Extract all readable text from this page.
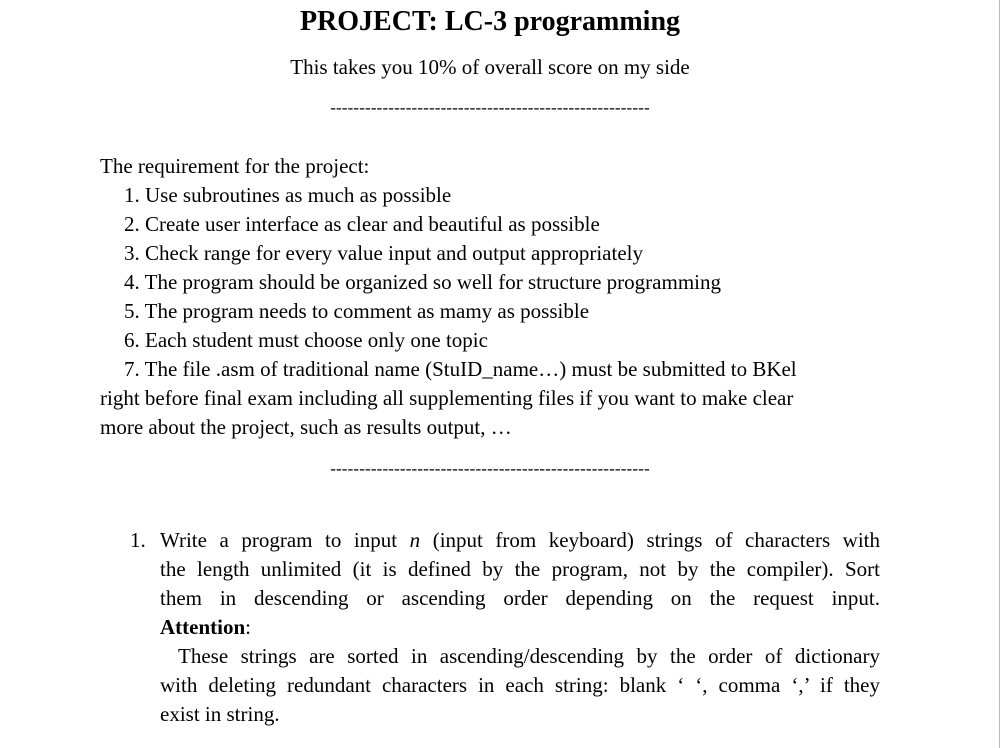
PROJECT: LC-3 programming
This takes you 10% of overall score on my side
-------------------------------------------------------
The requirement for the project:
1. Use subroutines as much as possible
2. Create user interface as clear and beautiful as possible
3. Check range for every value input and output appropriately
4. The program should be organized so well for structure programming
5. The program needs to comment as mamy as possible
6. Each student must choose only one topic
7. The file .asm of traditional name (StuID_name…) must be submitted to BKel
right before final exam including all supplementing files if you want to make clear
more about the project, such as results output, …
-------------------------------------------------------
1. Write a program to input n (input from keyboard) strings of characters with
the length unlimited (it is defined by the program, not by the compiler). Sort
them in descending or ascending order depending on the request input.
Attention:
These strings are sorted in ascending/descending by the order of dictionary
with deleting redundant characters in each string: blank ‘ ‘, comma ‘,’ if they
exist in string.
